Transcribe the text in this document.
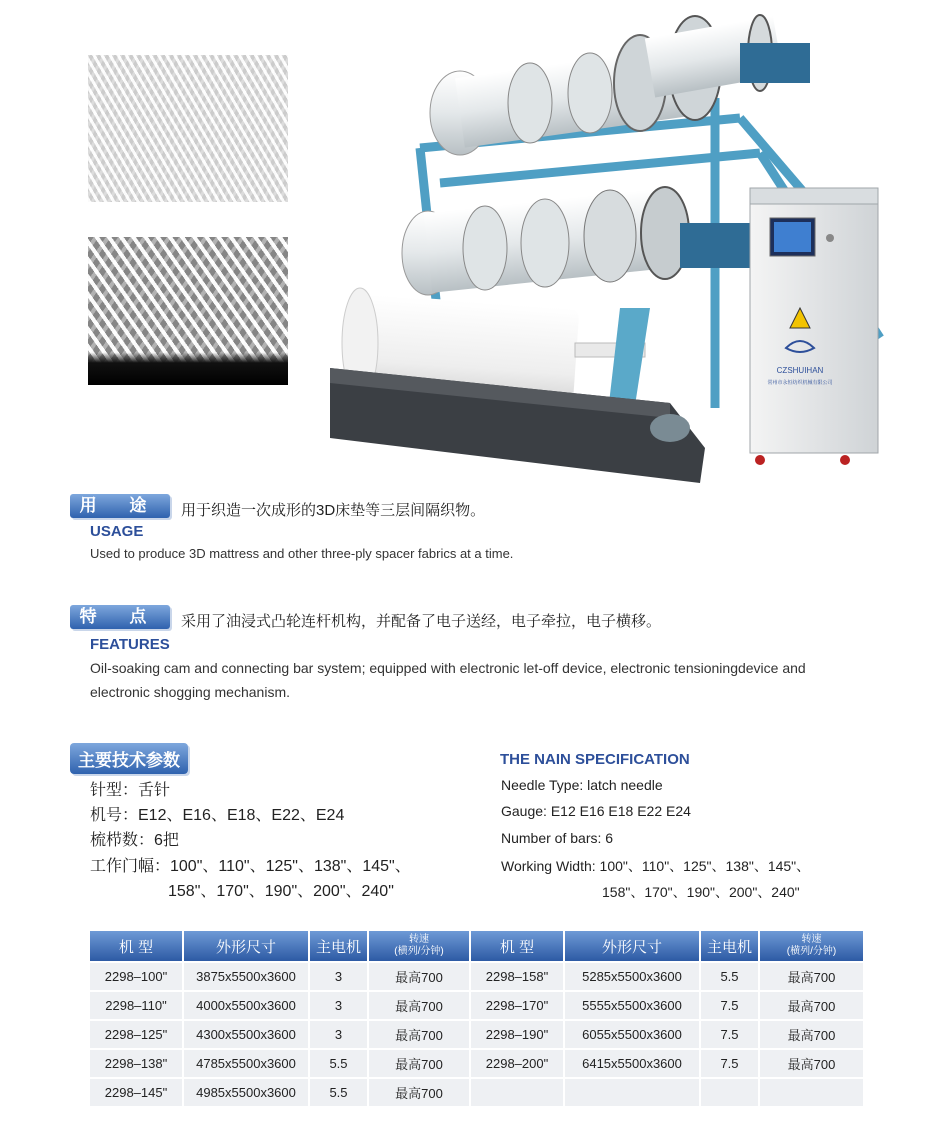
CZSHUIHAN
常州市永恒纺织机械有限公司
用 途	用于织造一次成形的3D床垫等三层间隔织物。
USAGE
Used to produce 3D mattress and other three-ply spacer fabrics at a time.
特 点	采用了油浸式凸轮连杆机构，并配备了电子送经，电子牵拉，电子横移。
FEATURES
Oil-soaking cam and connecting bar system; equipped with electronic let-off device, electronic tensioningdevice and
electronic shogging mechanism.
主要技术参数
针型：舌针
机号：E12、E16、E18、E22、E24
梳栉数：6把
工作门幅：100"、110"、125"、138"、145"、
158"、170"、190"、200"、240"
THE NAIN SPECIFICATION
Needle Type: latch needle
Gauge: E12 E16 E18 E22 E24
Number of bars: 6
Working Width: 100"、110"、125"、138"、145"、
158"、170"、190"、200"、240"
机 型	外形尺寸	主电机	转速
(横列/分钟)	机 型	外形尺寸	主电机	转速
(横列/分钟)
2298–100"	3875x5500x3600	3	最高700	2298–158"	5285x5500x3600	5.5	最高700
2298–110"	4000x5500x3600	3	最高700	2298–170"	5555x5500x3600	7.5	最高700
2298–125"	4300x5500x3600	3	最高700	2298–190"	6055x5500x3600	7.5	最高700
2298–138"	4785x5500x3600	5.5	最高700	2298–200"	6415x5500x3600	7.5	最高700
2298–145"	4985x5500x3600	5.5	最高700				
